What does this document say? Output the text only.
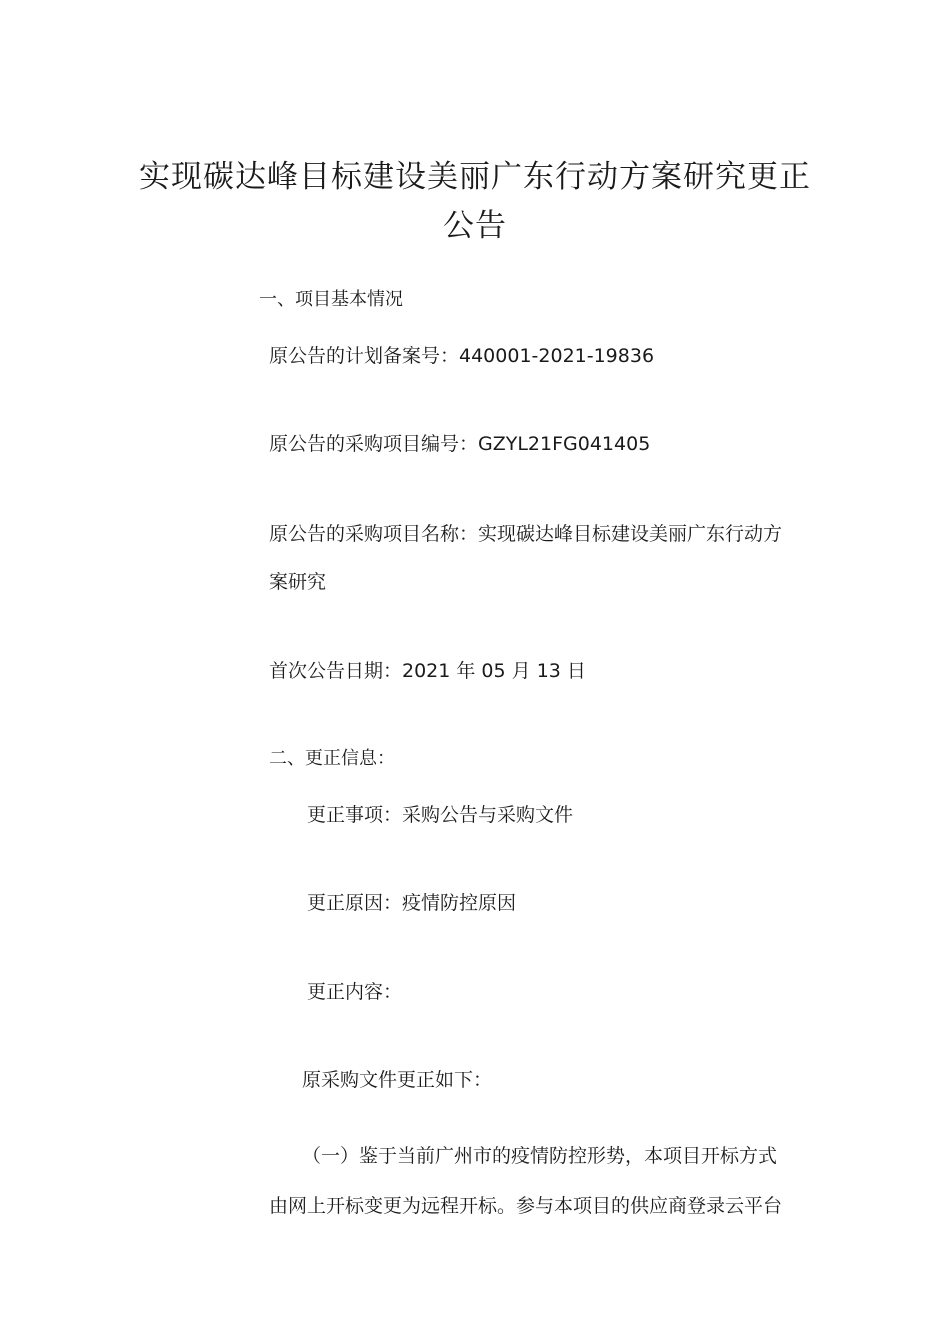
实现碳达峰目标建设美丽广东行动方案研究更正
公告
一、项目基本情况
原公告的计划备案号：440001-2021-19836
原公告的采购项目编号：GZYL21FG041405
原公告的采购项目名称：实现碳达峰目标建设美丽广东行动方
案研究
首次公告日期：2021 年 05 月 13 日
二、更正信息：
更正事项：采购公告与采购文件
更正原因：疫情防控原因
更正内容：
原采购文件更正如下：
（一）鉴于当前广州市的疫情防控形势，本项目开标方式
由网上开标变更为远程开标。参与本项目的供应商登录云平台
